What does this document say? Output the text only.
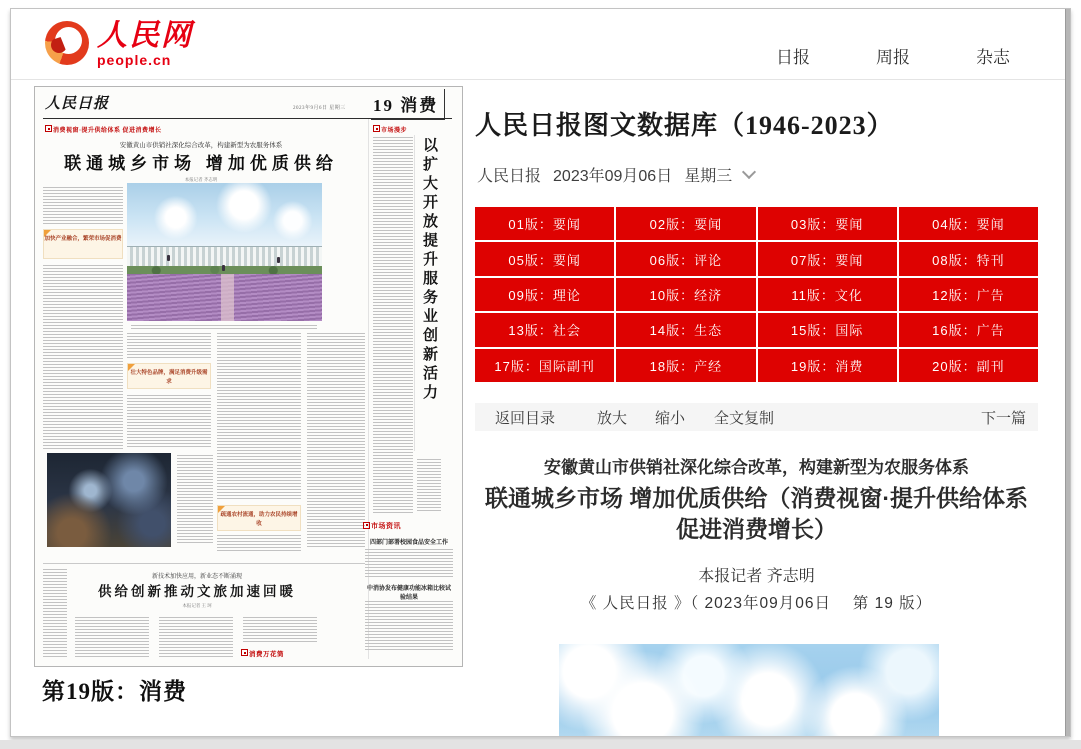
人民网
people.cn	日报	周报	杂志
人民日报	2023年9月6日 星期三 19 消费
消费视窗·提升供给体系 促进消费增长	市场漫步
安徽黄山市供销社深化综合改革，构建新型为农服务体系
联通城乡市场 增加优质供给
本报记者 齐志明
加快产业融合，繁荣市场促消费
壮大特色品牌，满足消费升级需求
疏通农村流通，助力农民持续增收
以扩大开放提升服务业创新活力
市场资讯
四部门部署校园食品安全工作
中消协发布健康功能冰箱比较试验结果
新技术加快应用，新业态不断涌现
供给创新推动文旅加速回暖
本报记者 王 珂
消费万花筒
第19版：消费
人民日报图文数据库（1946-2023）
人民日报 2023年09月06日 星期三
01版：要闻	02版：要闻	03版：要闻	04版：要闻
05版：要闻	06版：评论	07版：要闻	08版：特刊
09版：理论	10版：经济	11版：文化	12版：广告
13版：社会	14版：生态	15版：国际	16版：广告
17版：国际副刊	18版：产经	19版：消费	20版：副刊
返回目录	放大 缩小 全文复制	下一篇
安徽黄山市供销社深化综合改革，构建新型为农服务体系
联通城乡市场 增加优质供给（消费视窗·提升供给体系
促进消费增长）
本报记者 齐志明
《 人民日报 》（ 2023年09月06日　 第 19 版）
